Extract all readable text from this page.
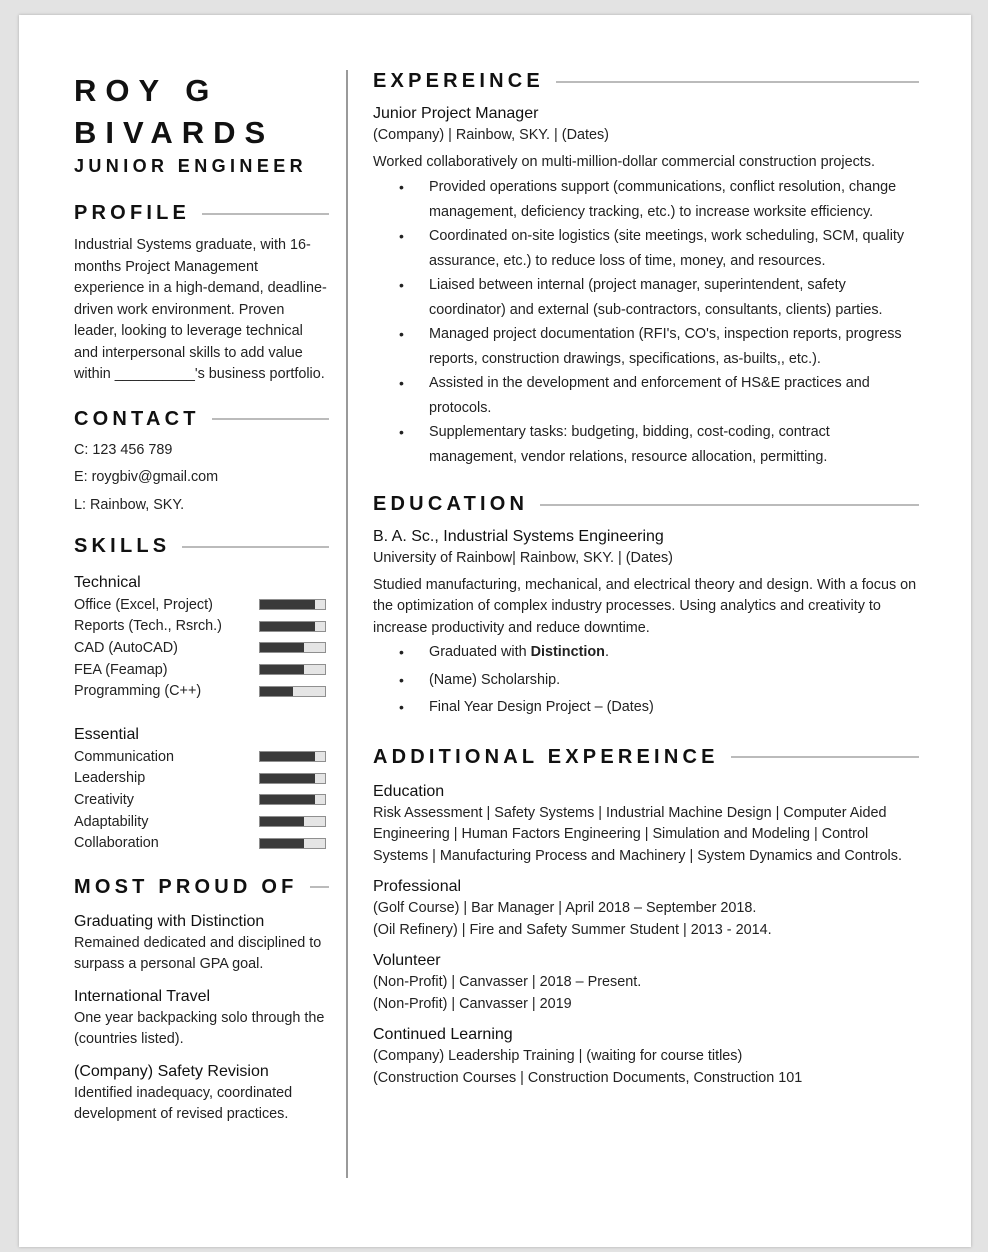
ROY G
BIVARDS
JUNIOR ENGINEER
PROFILE
Industrial Systems graduate, with 16-months Project Management experience in a high-demand, deadline-driven work environment. Proven leader, looking to leverage technical and interpersonal skills to add value within __________'s business portfolio.
CONTACT
C: 123 456 789
E: roygbiv@gmail.com
L: Rainbow, SKY.
SKILLS
Technical
Office (Excel, Project)
Reports (Tech., Rsrch.)
CAD (AutoCAD)
FEA (Feamap)
Programming (C++)
Essential
Communication
Leadership
Creativity
Adaptability
Collaboration
MOST PROUD OF
Graduating with Distinction
Remained dedicated and disciplined to surpass a personal GPA goal.
International Travel
One year backpacking solo through the (countries listed).
(Company) Safety Revision
Identified inadequacy, coordinated development of revised practices.
EXPEREINCE
Junior Project Manager
(Company) | Rainbow, SKY. | (Dates)
Worked collaboratively on multi-million-dollar commercial construction projects.
• Provided operations support (communications, conflict resolution, change management, deficiency tracking, etc.) to increase worksite efficiency.
• Coordinated on-site logistics (site meetings, work scheduling, SCM, quality assurance, etc.) to reduce loss of time, money, and resources.
• Liaised between internal (project manager, superintendent, safety coordinator) and external (sub-contractors, consultants, clients) parties.
• Managed project documentation (RFI's, CO's, inspection reports, progress reports, construction drawings, specifications, as-builts,, etc.).
• Assisted in the development and enforcement of HS&E practices and protocols.
• Supplementary tasks: budgeting, bidding, cost-coding, contract management, vendor relations, resource allocation, permitting.
EDUCATION
B. A. Sc., Industrial Systems Engineering
University of Rainbow| Rainbow, SKY. | (Dates)
Studied manufacturing, mechanical, and electrical theory and design. With a focus on the optimization of complex industry processes. Using analytics and creativity to increase productivity and reduce downtime.
• Graduated with Distinction.
• (Name) Scholarship.
• Final Year Design Project – (Dates)
ADDITIONAL EXPEREINCE
Education
Risk Assessment | Safety Systems | Industrial Machine Design | Computer Aided Engineering | Human Factors Engineering | Simulation and Modeling | Control Systems | Manufacturing Process and Machinery | System Dynamics and Controls.
Professional
(Golf Course) | Bar Manager | April 2018 – September 2018.
(Oil Refinery) | Fire and Safety Summer Student | 2013 - 2014.
Volunteer
(Non-Profit) | Canvasser | 2018 – Present.
(Non-Profit) | Canvasser | 2019
Continued Learning
(Company) Leadership Training | (waiting for course titles)
(Construction Courses | Construction Documents, Construction 101
